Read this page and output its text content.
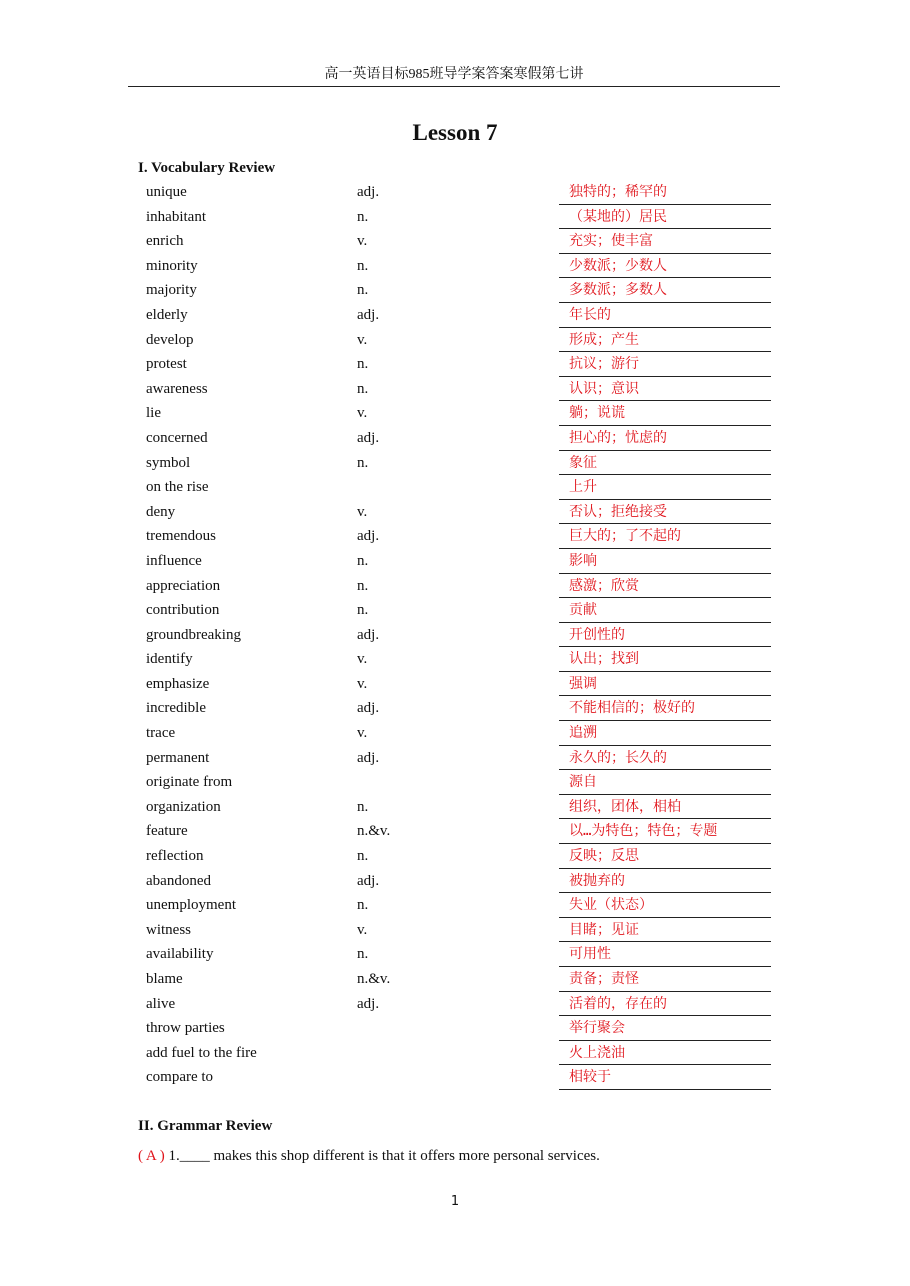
高一英语目标985班导学案答案寒假第七讲
Lesson 7
I. Vocabulary Review
unique	adj.	独特的；稀罕的
inhabitant	n.	（某地的）居民
enrich	v.	充实；使丰富
minority	n.	少数派；少数人
majority	n.	多数派；多数人
elderly	adj.	年长的
develop	v.	形成；产生
protest	n.	抗议；游行
awareness	n.	认识；意识
lie	v.	躺；说谎
concerned	adj.	担心的；忧虑的
symbol	n.	象征
on the rise	上升
deny	v.	否认；拒绝接受
tremendous	adj.	巨大的；了不起的
influence	n.	影响
appreciation	n.	感激；欣赏
contribution	n.	贡献
groundbreaking	adj.	开创性的
identify	v.	认出；找到
emphasize	v.	强调
incredible	adj.	不能相信的；极好的
trace	v.	追溯
permanent	adj.	永久的；长久的
originate from	源自
organization	n.	组织，团体，相柏
feature	n.&v.	以…为特色；特色；专题
reflection	n.	反映；反思
abandoned	adj.	被抛弃的
unemployment	n.	失业（状态）
witness	v.	目睹；见证
availability	n.	可用性
blame	n.&v.	责备；责怪
alive	adj.	活着的，存在的
throw parties	举行聚会
add fuel to the fire	火上浇油
compare to	相较于
II. Grammar Review
( A ) 1.____ makes this shop different is that it offers more personal services.
1
